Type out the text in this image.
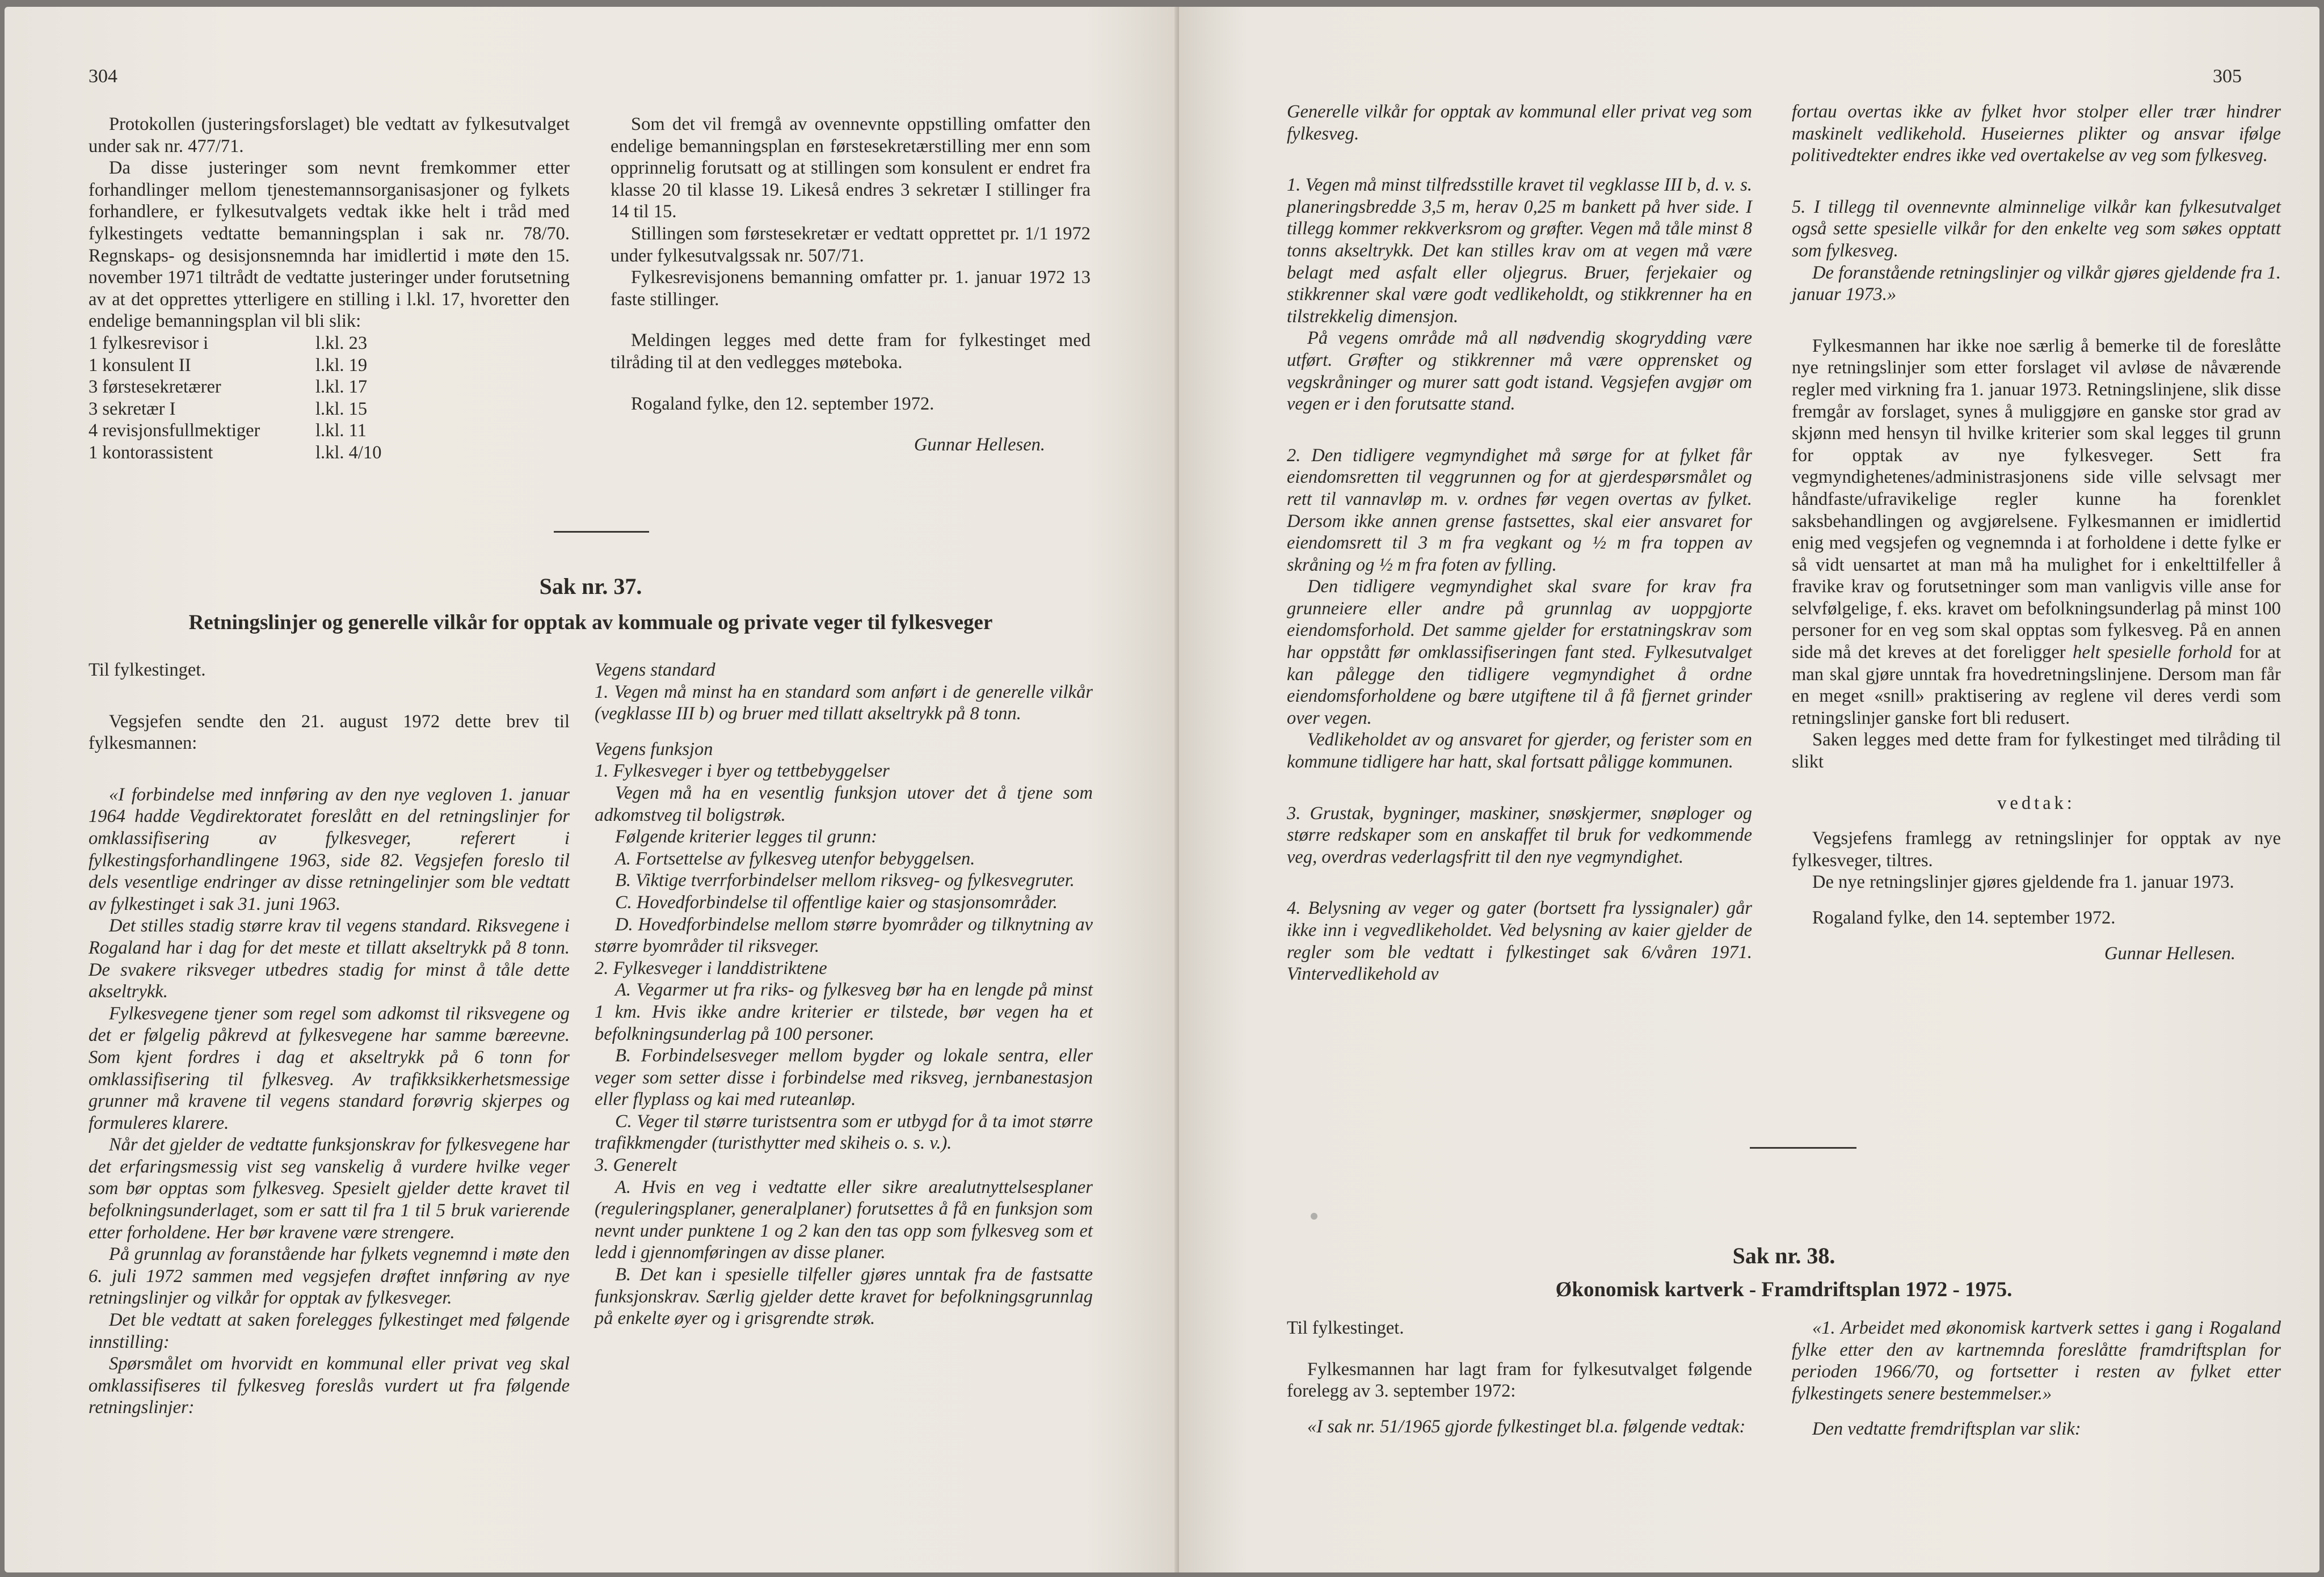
304

Protokollen (justeringsforslaget) ble vedtatt av fylkesutvalget under sak nr. 477/71.

Da disse justeringer som nevnt fremkommer etter forhandlinger mellom tjenestemannsorganisasjoner og fylkets forhandlere, er fylkesutvalgets vedtak ikke helt i tråd med fylkestingets vedtatte bemanningsplan i sak nr. 78/70. Regnskaps- og desisjonsnemnda har imidlertid i møte den 15. november 1971 tiltrådt de vedtatte justeringer under forutsetning av at det opprettes ytterligere en stilling i l.kl. 17, hvoretter den endelige bemanningsplan vil bli slik:

1 fylkesrevisor i	l.kl. 23
1 konsulent II	l.kl. 19
3 førstesekretærer	l.kl. 17
3 sekretær I	l.kl. 15
4 revisjonsfullmektiger	l.kl. 11
1 kontorassistent	l.kl. 4/10

Som det vil fremgå av ovennevnte oppstilling omfatter den endelige bemanningsplan en førstesekretærstilling mer enn som opprinnelig forutsatt og at stillingen som konsulent er endret fra klasse 20 til klasse 19. Likeså endres 3 sekretær I stillinger fra 14 til 15.

Stillingen som førstesekretær er vedtatt opprettet pr. 1/1 1972 under fylkesutvalgssak nr. 507/71.

Fylkesrevisjonens bemanning omfatter pr. 1. januar 1972 13 faste stillinger.

Meldingen legges med dette fram for fylkestinget med tilråding til at den vedlegges møteboka.

Rogaland fylke, den 12. september 1972.

Gunnar Hellesen.

Sak nr. 37.
Retningslinjer og generelle vilkår for opptak av kommuale og private veger til fylkesveger

Til fylkestinget.

Vegsjefen sendte den 21. august 1972 dette brev til fylkesmannen:

«I forbindelse med innføring av den nye vegloven 1. januar 1964 hadde Vegdirektoratet foreslått en del retningslinjer for omklassifisering av fylkesveger, referert i fylkestingsforhandlingene 1963, side 82. Vegsjefen foreslo til dels vesentlige endringer av disse retningelinjer som ble vedtatt av fylkestinget i sak 31. juni 1963.

Det stilles stadig større krav til vegens standard. Riksvegene i Rogaland har i dag for det meste et tillatt akseltrykk på 8 tonn. De svakere riksveger utbedres stadig for minst å tåle dette akseltrykk.

Fylkesvegene tjener som regel som adkomst til riksvegene og det er følgelig påkrevd at fylkesvegene har samme bæreevne. Som kjent fordres i dag et akseltrykk på 6 tonn for omklassifisering til fylkesveg. Av trafikksikkerhetsmessige grunner må kravene til vegens standard forøvrig skjerpes og formuleres klarere.

Når det gjelder de vedtatte funksjonskrav for fylkesvegene har det erfaringsmessig vist seg vanskelig å vurdere hvilke veger som bør opptas som fylkesveg. Spesielt gjelder dette kravet til befolkningsunderlaget, som er satt til fra 1 til 5 bruk varierende etter forholdene. Her bør kravene være strengere.

På grunnlag av foranstående har fylkets vegnemnd i møte den 6. juli 1972 sammen med vegsjefen drøftet innføring av nye retningslinjer og vilkår for opptak av fylkesveger.

Det ble vedtatt at saken forelegges fylkestinget med følgende innstilling:

Spørsmålet om hvorvidt en kommunal eller privat veg skal omklassifiseres til fylkesveg foreslås vurdert ut fra følgende retningslinjer:

Vegens standard

1. Vegen må minst ha en standard som anført i de generelle vilkår (vegklasse III b) og bruer med tillatt akseltrykk på 8 tonn.

Vegens funksjon

1. Fylkesveger i byer og tettbebyggelser

Vegen må ha en vesentlig funksjon utover det å tjene som adkomstveg til boligstrøk.

Følgende kriterier legges til grunn:

A. Fortsettelse av fylkesveg utenfor bebyggelsen.

B. Viktige tverrforbindelser mellom riksveg- og fylkesvegruter.

C. Hovedforbindelse til offentlige kaier og stasjonsområder.

D. Hovedforbindelse mellom større byområder og tilknytning av større byområder til riksveger.

2. Fylkesveger i landdistriktene

A. Vegarmer ut fra riks- og fylkesveg bør ha en lengde på minst 1 km. Hvis ikke andre kriterier er tilstede, bør vegen ha et befolkningsunderlag på 100 personer.

B. Forbindelsesveger mellom bygder og lokale sentra, eller veger som setter disse i forbindelse med riksveg, jernbanestasjon eller flyplass og kai med ruteanløp.

C. Veger til større turistsentra som er utbygd for å ta imot større trafikkmengder (turisthytter med skiheis o. s. v.).

3. Generelt

A. Hvis en veg i vedtatte eller sikre arealutnyttelsesplaner (reguleringsplaner, generalplaner) forutsettes å få en funksjon som nevnt under punktene 1 og 2 kan den tas opp som fylkesveg som et ledd i gjennomføringen av disse planer.

B. Det kan i spesielle tilfeller gjøres unntak fra de fastsatte funksjonskrav. Særlig gjelder dette kravet for befolkningsgrunnlag på enkelte øyer og i grisgrendte strøk.

305

Generelle vilkår for opptak av kommunal eller privat veg som fylkesveg.

1. Vegen må minst tilfredsstille kravet til vegklasse III b, d. v. s. planeringsbredde 3,5 m, herav 0,25 m bankett på hver side. I tillegg kommer rekkverksrom og grøfter. Vegen må tåle minst 8 tonns akseltrykk. Det kan stilles krav om at vegen må være belagt med asfalt eller oljegrus. Bruer, ferjekaier og stikkrenner skal være godt vedlikeholdt, og stikkrenner ha en tilstrekkelig dimensjon.

På vegens område må all nødvendig skogrydding være utført. Grøfter og stikkrenner må være opprensket og vegskråninger og murer satt godt istand. Vegsjefen avgjør om vegen er i den forutsatte stand.

2. Den tidligere vegmyndighet må sørge for at fylket får eiendomsretten til veggrunnen og for at gjerdespørsmålet og rett til vannavløp m. v. ordnes før vegen overtas av fylket. Dersom ikke annen grense fastsettes, skal eier ansvaret for eiendomsrett til 3 m fra vegkant og ½ m fra toppen av skråning og ½ m fra foten av fylling.

Den tidligere vegmyndighet skal svare for krav fra grunneiere eller andre på grunnlag av uoppgjorte eiendomsforhold. Det samme gjelder for erstatningskrav som har oppstått før omklassifiseringen fant sted. Fylkesutvalget kan pålegge den tidligere vegmyndighet å ordne eiendomsforholdene og bære utgiftene til å få fjernet grinder over vegen.

Vedlikeholdet av og ansvaret for gjerder, og ferister som en kommune tidligere har hatt, skal fortsatt påligge kommunen.

3. Grustak, bygninger, maskiner, snøskjermer, snøploger og større redskaper som en anskaffet til bruk for vedkommende veg, overdras vederlagsfritt til den nye vegmyndighet.

4. Belysning av veger og gater (bortsett fra lyssignaler) går ikke inn i vegvedlikeholdet. Ved belysning av kaier gjelder de regler som ble vedtatt i fylkestinget sak 6/våren 1971. Vintervedlikehold av

fortau overtas ikke av fylket hvor stolper eller trær hindrer maskinelt vedlikehold. Huseiernes plikter og ansvar ifølge politivedtekter endres ikke ved overtakelse av veg som fylkesveg.

5. I tillegg til ovennevnte alminnelige vilkår kan fylkesutvalget også sette spesielle vilkår for den enkelte veg som søkes opptatt som fylkesveg.

De foranstående retningslinjer og vilkår gjøres gjeldende fra 1. januar 1973.»

Fylkesmannen har ikke noe særlig å bemerke til de foreslåtte nye retningslinjer som etter forslaget vil avløse de nåværende regler med virkning fra 1. januar 1973. Retningslinjene, slik disse fremgår av forslaget, synes å muliggjøre en ganske stor grad av skjønn med hensyn til hvilke kriterier som skal legges til grunn for opptak av nye fylkesveger. Sett fra vegmyndighetenes/administrasjonens side ville selvsagt mer håndfaste/ufravikelige regler kunne ha forenklet saksbehandlingen og avgjørelsene. Fylkesmannen er imidlertid enig med vegsjefen og vegnemnda i at forholdene i dette fylke er så vidt uensartet at man må ha mulighet for i enkelttilfeller å fravike krav og forutsetninger som man vanligvis ville anse for selvfølgelige, f. eks. kravet om befolkningsunderlag på minst 100 personer for en veg som skal opptas som fylkesveg. På en annen side må det kreves at det foreligger helt spesielle forhold for at man skal gjøre unntak fra hovedretningslinjene. Dersom man får en meget «snill» praktisering av reglene vil deres verdi som retningslinjer ganske fort bli redusert.

Saken legges med dette fram for fylkestinget med tilråding til slikt

vedtak:

Vegsjefens framlegg av retningslinjer for opptak av nye fylkesveger, tiltres.

De nye retningslinjer gjøres gjeldende fra 1. januar 1973.

Rogaland fylke, den 14. september 1972.

Gunnar Hellesen.

Sak nr. 38.
Økonomisk kartverk - Framdriftsplan 1972 - 1975.

Til fylkestinget.

Fylkesmannen har lagt fram for fylkesutvalget følgende forelegg av 3. september 1972:

«I sak nr. 51/1965 gjorde fylkestinget bl.a. følgende vedtak:

«1. Arbeidet med økonomisk kartverk settes i gang i Rogaland fylke etter den av kartnemnda foreslåtte framdriftsplan for perioden 1966/70, og fortsetter i resten av fylket etter fylkestingets senere bestemmelser.»

Den vedtatte fremdriftsplan var slik:
